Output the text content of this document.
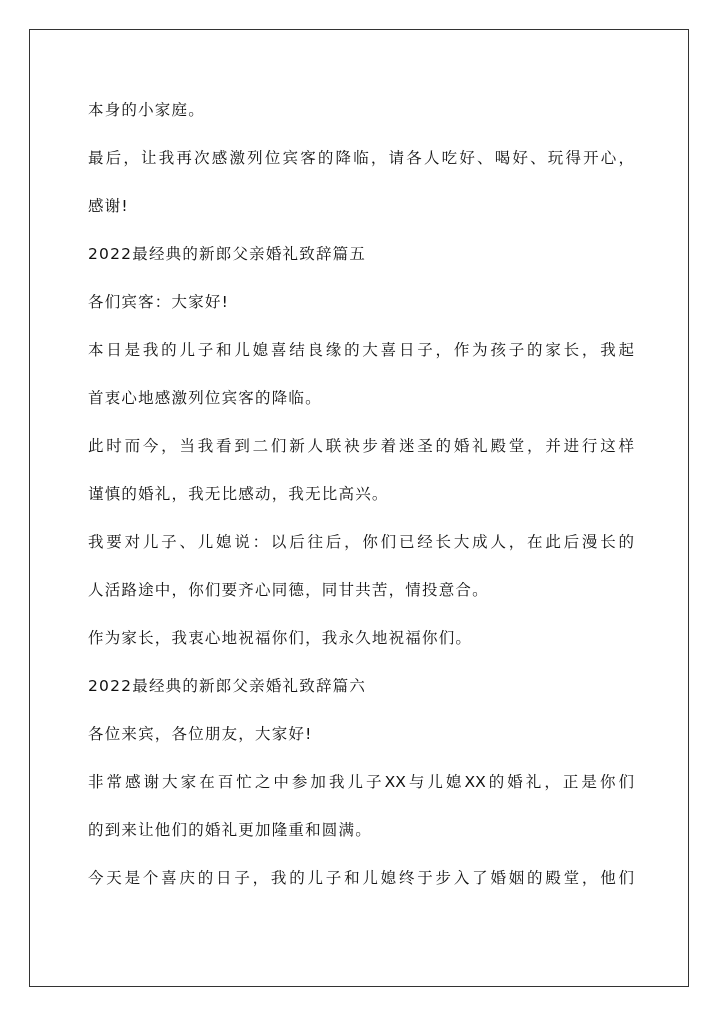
本身的小家庭。
最后，让我再次感激列位宾客的降临，请各人吃好、喝好、玩得开心，
感谢!
2022最经典的新郎父亲婚礼致辞篇五
各们宾客：大家好!
本日是我的儿子和儿媳喜结良缘的大喜日子，作为孩子的家长，我起
首衷心地感激列位宾客的降临。
此时而今，当我看到二们新人联袂步着迷圣的婚礼殿堂，并进行这样
谨慎的婚礼，我无比感动，我无比高兴。
我要对儿子、儿媳说：以后往后，你们已经长大成人，在此后漫长的
人活路途中，你们要齐心同德，同甘共苦，情投意合。
作为家长，我衷心地祝福你们，我永久地祝福你们。
2022最经典的新郎父亲婚礼致辞篇六
各位来宾，各位朋友，大家好!
非常感谢大家在百忙之中参加我儿子XX与儿媳XX的婚礼，正是你们
的到来让他们的婚礼更加隆重和圆满。
今天是个喜庆的日子，我的儿子和儿媳终于步入了婚姻的殿堂，他们
